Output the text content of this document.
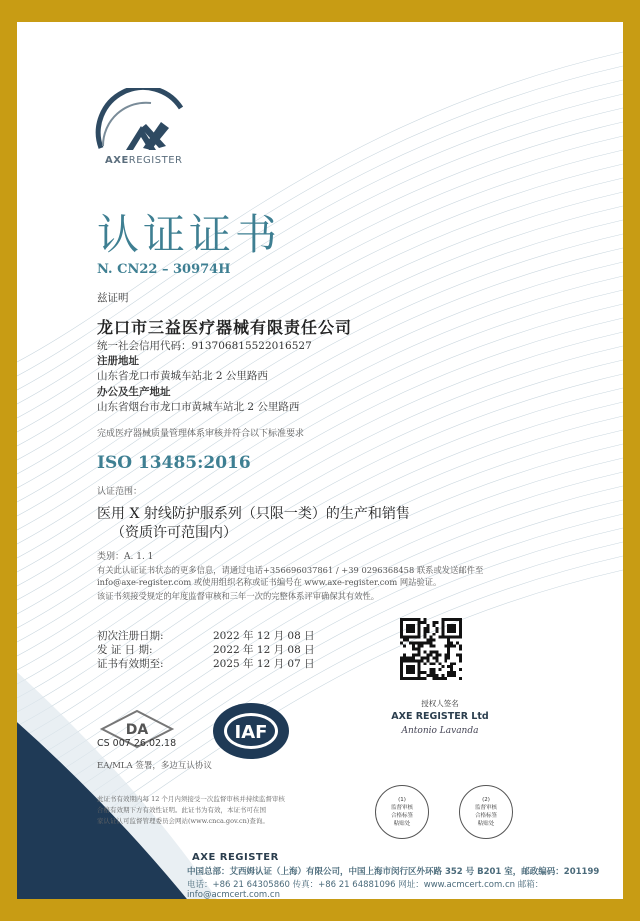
AXEREGISTER
认证证书
N. CN22 – 30974H
兹证明
龙口市三益医疗器械有限责任公司
统一社会信用代码：913706815522016527
注册地址
山东省龙口市黄城车站北 2 公里路西
办公及生产地址
山东省烟台市龙口市黄城车站北 2 公里路西
完成医疗器械质量管理体系审核并符合以下标准要求
ISO 13485:2016
认证范围：
医用 X 射线防护服系列（只限一类）的生产和销售
（资质许可范围内）
类别：A. 1. 1
有关此认证证书状态的更多信息，请通过电话+356696037861 / +39 0296368458 联系或发送邮件至
info@axe-register.com 或使用组织名称或证书编号在 www.axe-register.com 网站验证。
该证书须接受规定的年度监督审核和三年一次的完整体系评审确保其有效性。
初次注册日期:	2022 年 12 月 08 日
发 证 日 期:	2022 年 12 月 08 日
证书有效期至:	2025 年 12 月 07 日
授权人签名
AXE REGISTER Ltd
Antonio Lavanda
DA
CS 007 26.02.18
IAF
EA/MLA 签署，多边互认协议
此证书有效期内每 12 个月内须接受一次监督审核并持续监督审核
合格有效期下方有效性证明。此证书为有效，本证书可在国
家认证认可监督管理委员会网站(www.cnca.gov.cn)查询。
(1)
监督审核
合格标签
粘贴处
(2)
监督审核
合格标签
粘贴处
AXE REGISTER
中国总部：艾西姆认证（上海）有限公司，中国上海市闵行区外环路 352 号 B201 室，邮政编码：201199
电话：+86 21 64305860 传真：+86 21 64881096 网址：www.acmcert.com.cn 邮箱：info@acmcert.com.cn
